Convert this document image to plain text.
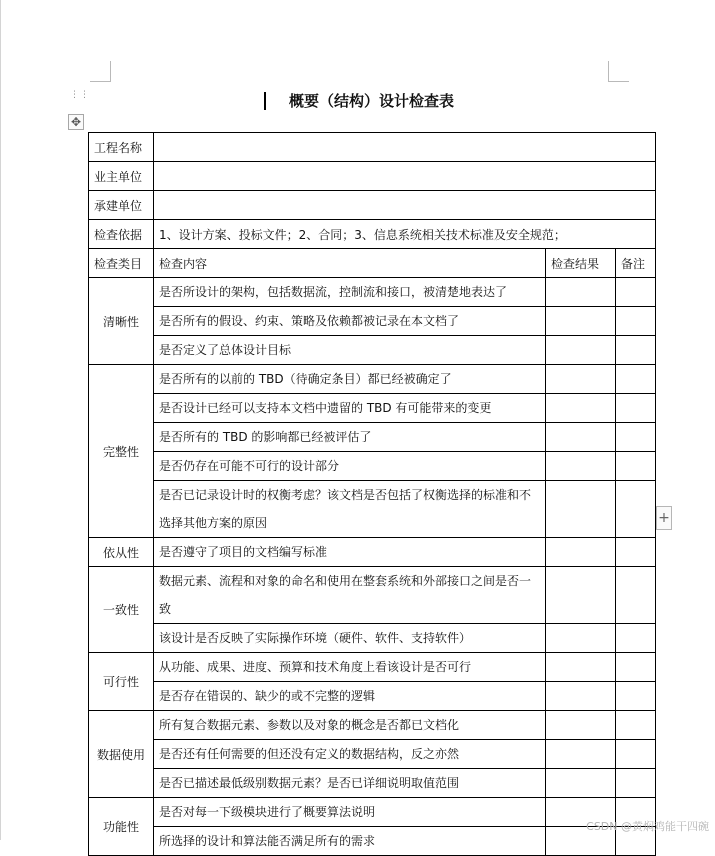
⋮⋮
✥
+
概要（结构）设计检查表
工程名称			
业主单位			
承建单位			
检查依据	1、设计方案、投标文件；2、合同；3、信息系统相关技术标准及安全规范；		
检查类目	检查内容	检查结果	备注
清晰性	是否所设计的架构，包括数据流，控制流和接口，被清楚地表达了		
	是否所有的假设、约束、策略及依赖都被记录在本文档了		
	是否定义了总体设计目标		
完整性	是否所有的以前的 TBD（待确定条目）都已经被确定了		
	是否设计已经可以支持本文档中遗留的 TBD 有可能带来的变更		
	是否所有的 TBD 的影响都已经被评估了		
	是否仍存在可能不可行的设计部分		
	是否已记录设计时的权衡考虑？该文档是否包括了权衡选择的标准和不选择其他方案的原因		
依从性	是否遵守了项目的文档编写标准		
一致性	数据元素、流程和对象的命名和使用在整套系统和外部接口之间是否一致		
	该设计是否反映了实际操作环境（硬件、软件、支持软件）		
可行性	从功能、成果、进度、预算和技术角度上看该设计是否可行		
	是否存在错误的、缺少的或不完整的逻辑		
数据使用	所有复合数据元素、参数以及对象的概念是否都已文档化		
	是否还有任何需要的但还没有定义的数据结构，反之亦然		
	是否已描述最低级别数据元素？是否已详细说明取值范围		
功能性	是否对每一下级模块进行了概要算法说明		
	所选择的设计和算法能否满足所有的需求		
CSDN @黄焖鸡能干四碗
